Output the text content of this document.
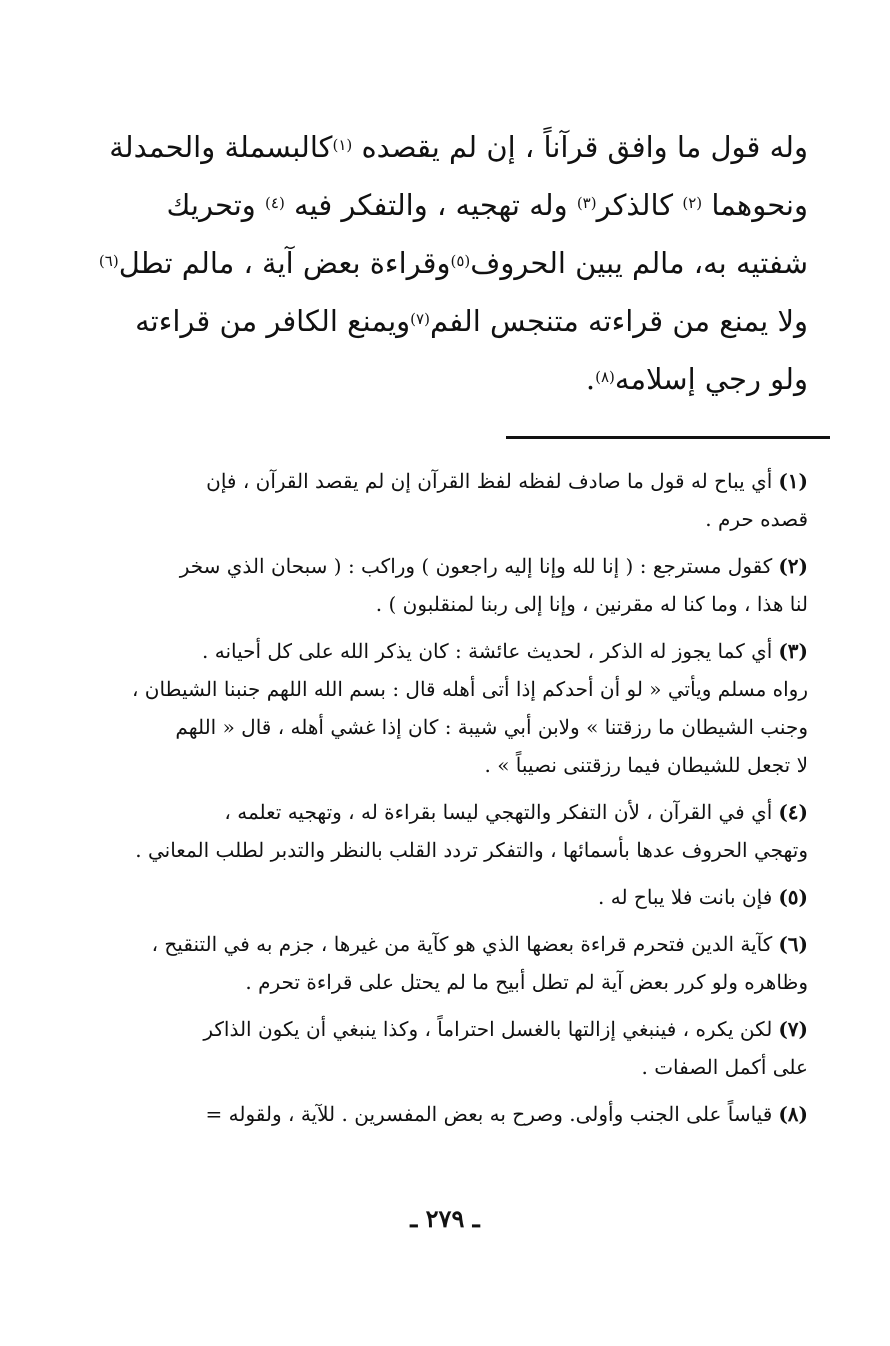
وله قول ما وافق قرآناً ، إن لم يقصده $^{(١)}$كالبسملة والحمدلة
ونحوهما $^{(٢)}$ كالذكر$^{(٣)}$ وله تهجيه ، والتفكر فيه $^{(٤)}$ وتحريك
شفتيه به، مالم يبين الحروف$^{(٥)}$وقراءة بعض آية ، مالم تطل$^{(٦)}$
ولا يمنع من قراءته متنجس الفم$^{(٧)}$ويمنع الكافر من قراءته
ولو رجي إسلامه$^{(٨)}$.
(١)أي يباح له قول ما صادف لفظه لفظ القرآن إن لم يقصد القرآن ، فإن
قصده حرم .
(٢)كقول مسترجع : ( إنا لله وإنا إليه راجعون ) وراكب : ( سبحان الذي سخر
لنا هذا ، وما كنا له مقرنين ، وإنا إلى ربنا لمنقلبون ) .
(٣)أي كما يجوز له الذكر ، لحديث عائشة : كان يذكر الله على كل أحيانه .
رواه مسلم ويأتي « لو أن أحدكم إذا أتى أهله قال : بسم الله اللهم جنبنا الشيطان ،
وجنب الشيطان ما رزقتنا » ولابن أبي شيبة : كان إذا غشي أهله ، قال « اللهم
لا تجعل للشيطان فيما رزقتنى نصيباً » .
(٤)أي في القرآن ، لأن التفكر والتهجي ليسا بقراءة له ، وتهجيه تعلمه ،
وتهجي الحروف عدها بأسمائها ، والتفكر تردد القلب بالنظر والتدبر لطلب المعاني .
(٥)فإن بانت فلا يباح له .
(٦)كآية الدين فتحرم قراءة بعضها الذي هو كآية من غيرها ، جزم به في التنقيح ،
وظاهره ولو كرر بعض آية لم تطل أبيح ما لم يحتل على قراءة تحرم .
(٧)لكن يكره ، فينبغي إزالتها بالغسل احتراماً ، وكذا ينبغي أن يكون الذاكر
على أكمل الصفات .
(٨)قياساً على الجنب وأولى. وصرح به بعض المفسرين . للآية ، ولقوله =
ـ ٢٧٩ ـ
